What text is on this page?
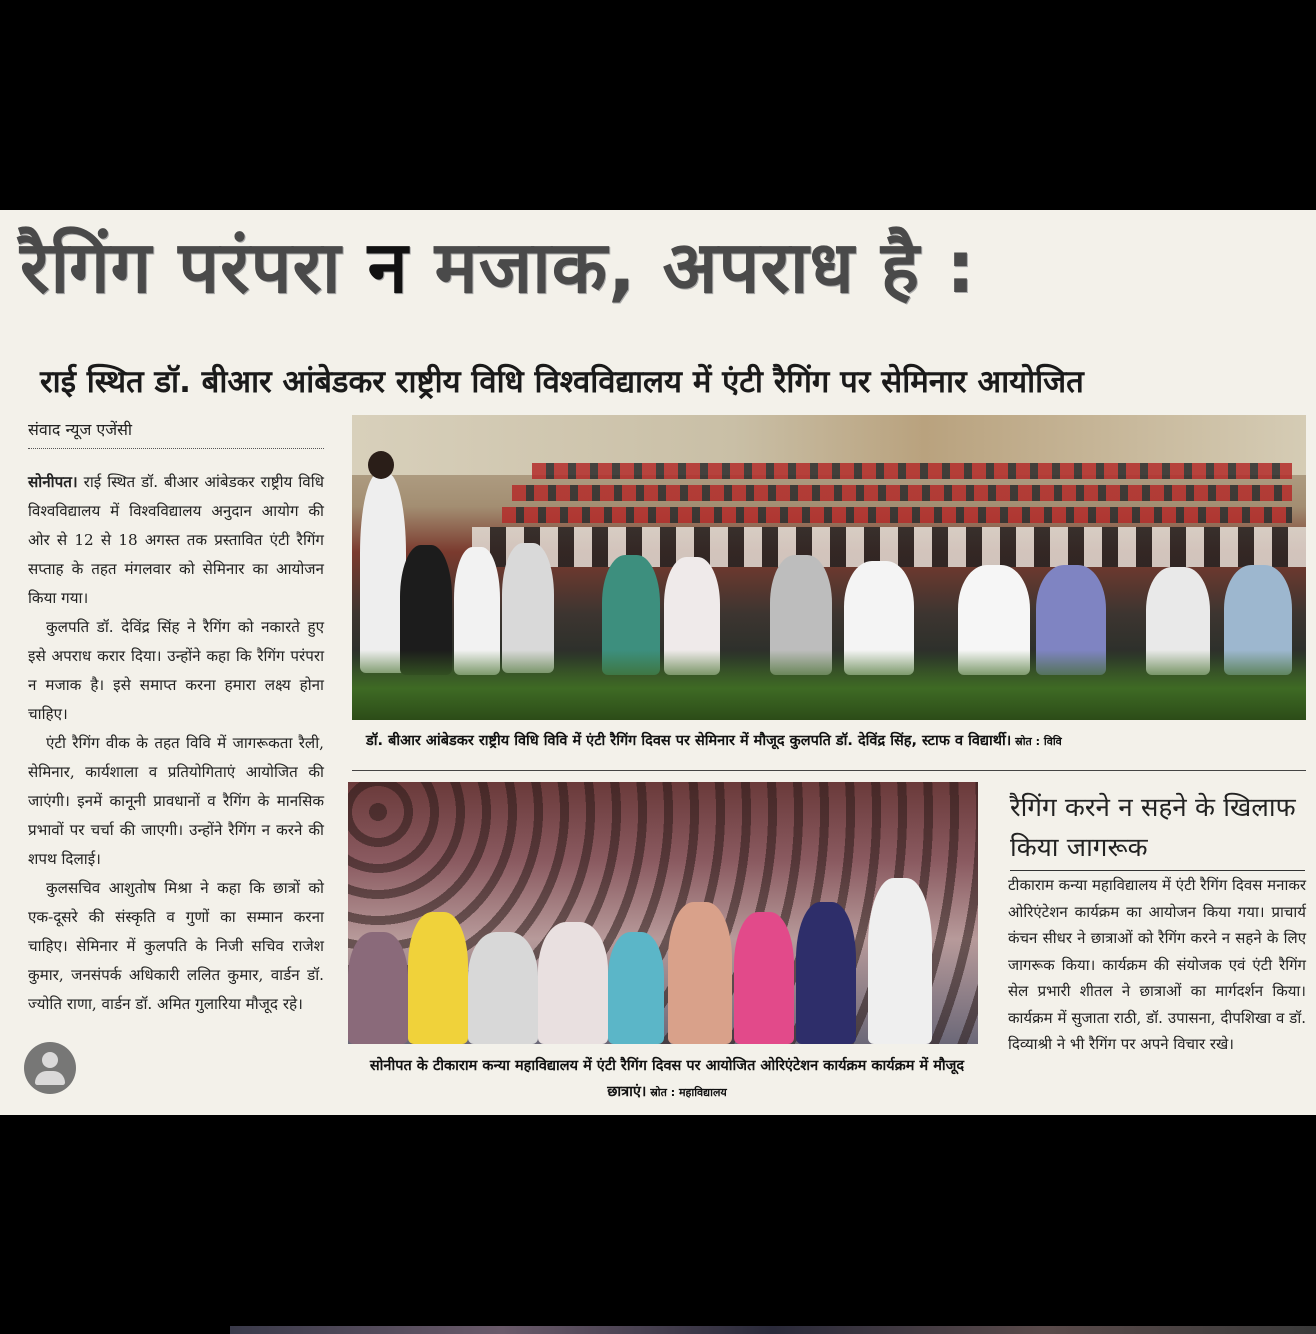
रैगिंग परंपरा न मजाक, अपराध है :
राई स्थित डॉ. बीआर आंबेडकर राष्ट्रीय विधि विश्वविद्यालय में एंटी रैगिंग पर सेमिनार आयोजित
संवाद न्यूज एजेंसी

सोनीपत। राई स्थित डॉ. बीआर आंबेडकर राष्ट्रीय विधि विश्वविद्यालय में विश्वविद्यालय अनुदान आयोग की ओर से 12 से 18 अगस्त तक प्रस्तावित एंटी रैगिंग सप्ताह के तहत मंगलवार को सेमिनार का आयोजन किया गया।

कुलपति डॉ. देविंद्र सिंह ने रैगिंग को नकारते हुए इसे अपराध करार दिया। उन्होंने कहा कि रैगिंग परंपरा न मजाक है। इसे समाप्त करना हमारा लक्ष्य होना चाहिए।

एंटी रैगिंग वीक के तहत विवि में जागरूकता रैली, सेमिनार, कार्यशाला व प्रतियोगिताएं आयोजित की जाएंगी। इनमें कानूनी प्रावधानों व रैगिंग के मानसिक प्रभावों पर चर्चा की जाएगी। उन्होंने रैगिंग न करने की शपथ दिलाई।

कुलसचिव आशुतोष मिश्रा ने कहा कि छात्रों को एक-दूसरे की संस्कृति व गुणों का सम्मान करना चाहिए। सेमिनार में कुलपति के निजी सचिव राजेश कुमार, जनसंपर्क अधिकारी ललित कुमार, वार्डन डॉ. ज्योति राणा, वार्डन डॉ. अमित गुलारिया मौजूद रहे।

डॉ. बीआर आंबेडकर राष्ट्रीय विधि विवि में एंटी रैगिंग दिवस पर सेमिनार में मौजूद कुलपति डॉ. देविंद्र सिंह, स्टाफ व विद्यार्थी। स्रोत : विवि
सोनीपत के टीकाराम कन्या महाविद्यालय में एंटी रैगिंग दिवस पर आयोजित ओरिएंटेशन कार्यक्रम कार्यक्रम में मौजूद छात्राएं। स्रोत : महाविद्यालय
रैगिंग करने न सहने के खिलाफ किया जागरूक
टीकाराम कन्या महाविद्यालय में एंटी रैगिंग दिवस मनाकर ओरिएंटेशन कार्यक्रम का आयोजन किया गया। प्राचार्य कंचन सीधर ने छात्राओं को रैगिंग करने न सहने के लिए जागरूक किया। कार्यक्रम की संयोजक एवं एंटी रैगिंग सेल प्रभारी शीतल ने छात्राओं का मार्गदर्शन किया। कार्यक्रम में सुजाता राठी, डॉ. उपासना, दीपशिखा व डॉ. दिव्याश्री ने भी रैगिंग पर अपने विचार रखे।
